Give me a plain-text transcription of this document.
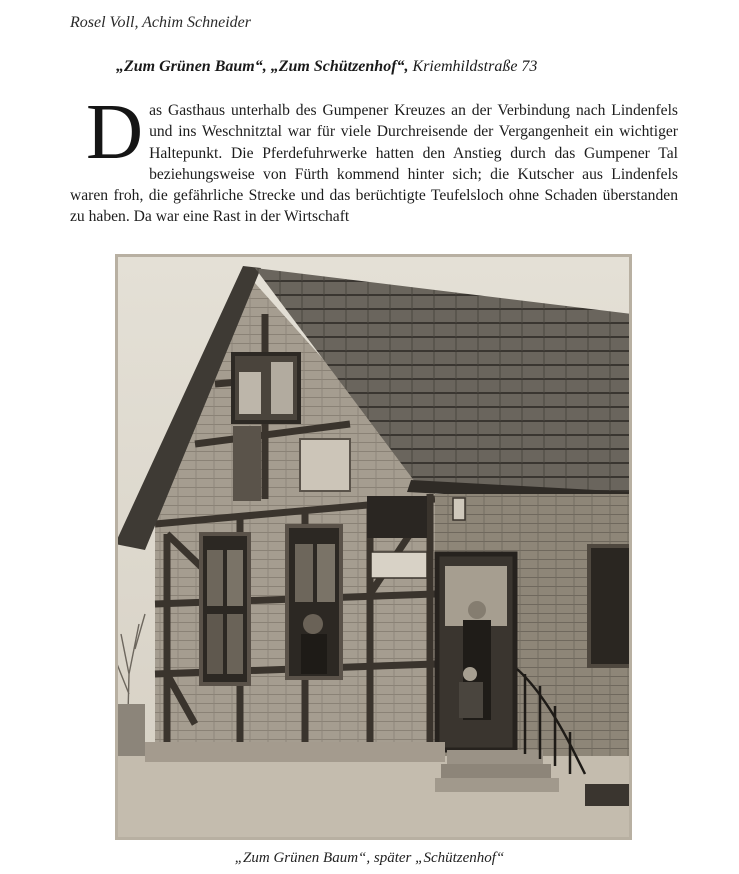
Rosel Voll, Achim Schneider
„Zum Grünen Baum“, „Zum Schützenhof“, Kriemhildstraße 73

Das Gasthaus unterhalb des Gumpener Kreuzes an der Verbindung nach Lindenfels und ins Weschnitztal war für viele Durchreisende der Vergangenheit ein wichtiger Haltepunkt. Die Pferdefuhrwerke hatten den Anstieg durch das Gumpener Tal beziehungsweise von Fürth kommend hinter sich; die Kutscher aus Lindenfels waren froh, die gefährliche Strecke und das berüchtigte Teufelsloch ohne Schaden überstanden zu haben. Da war eine Rast in der Wirtschaft

„Zum Grünen Baum“, später „Schützenhof“
